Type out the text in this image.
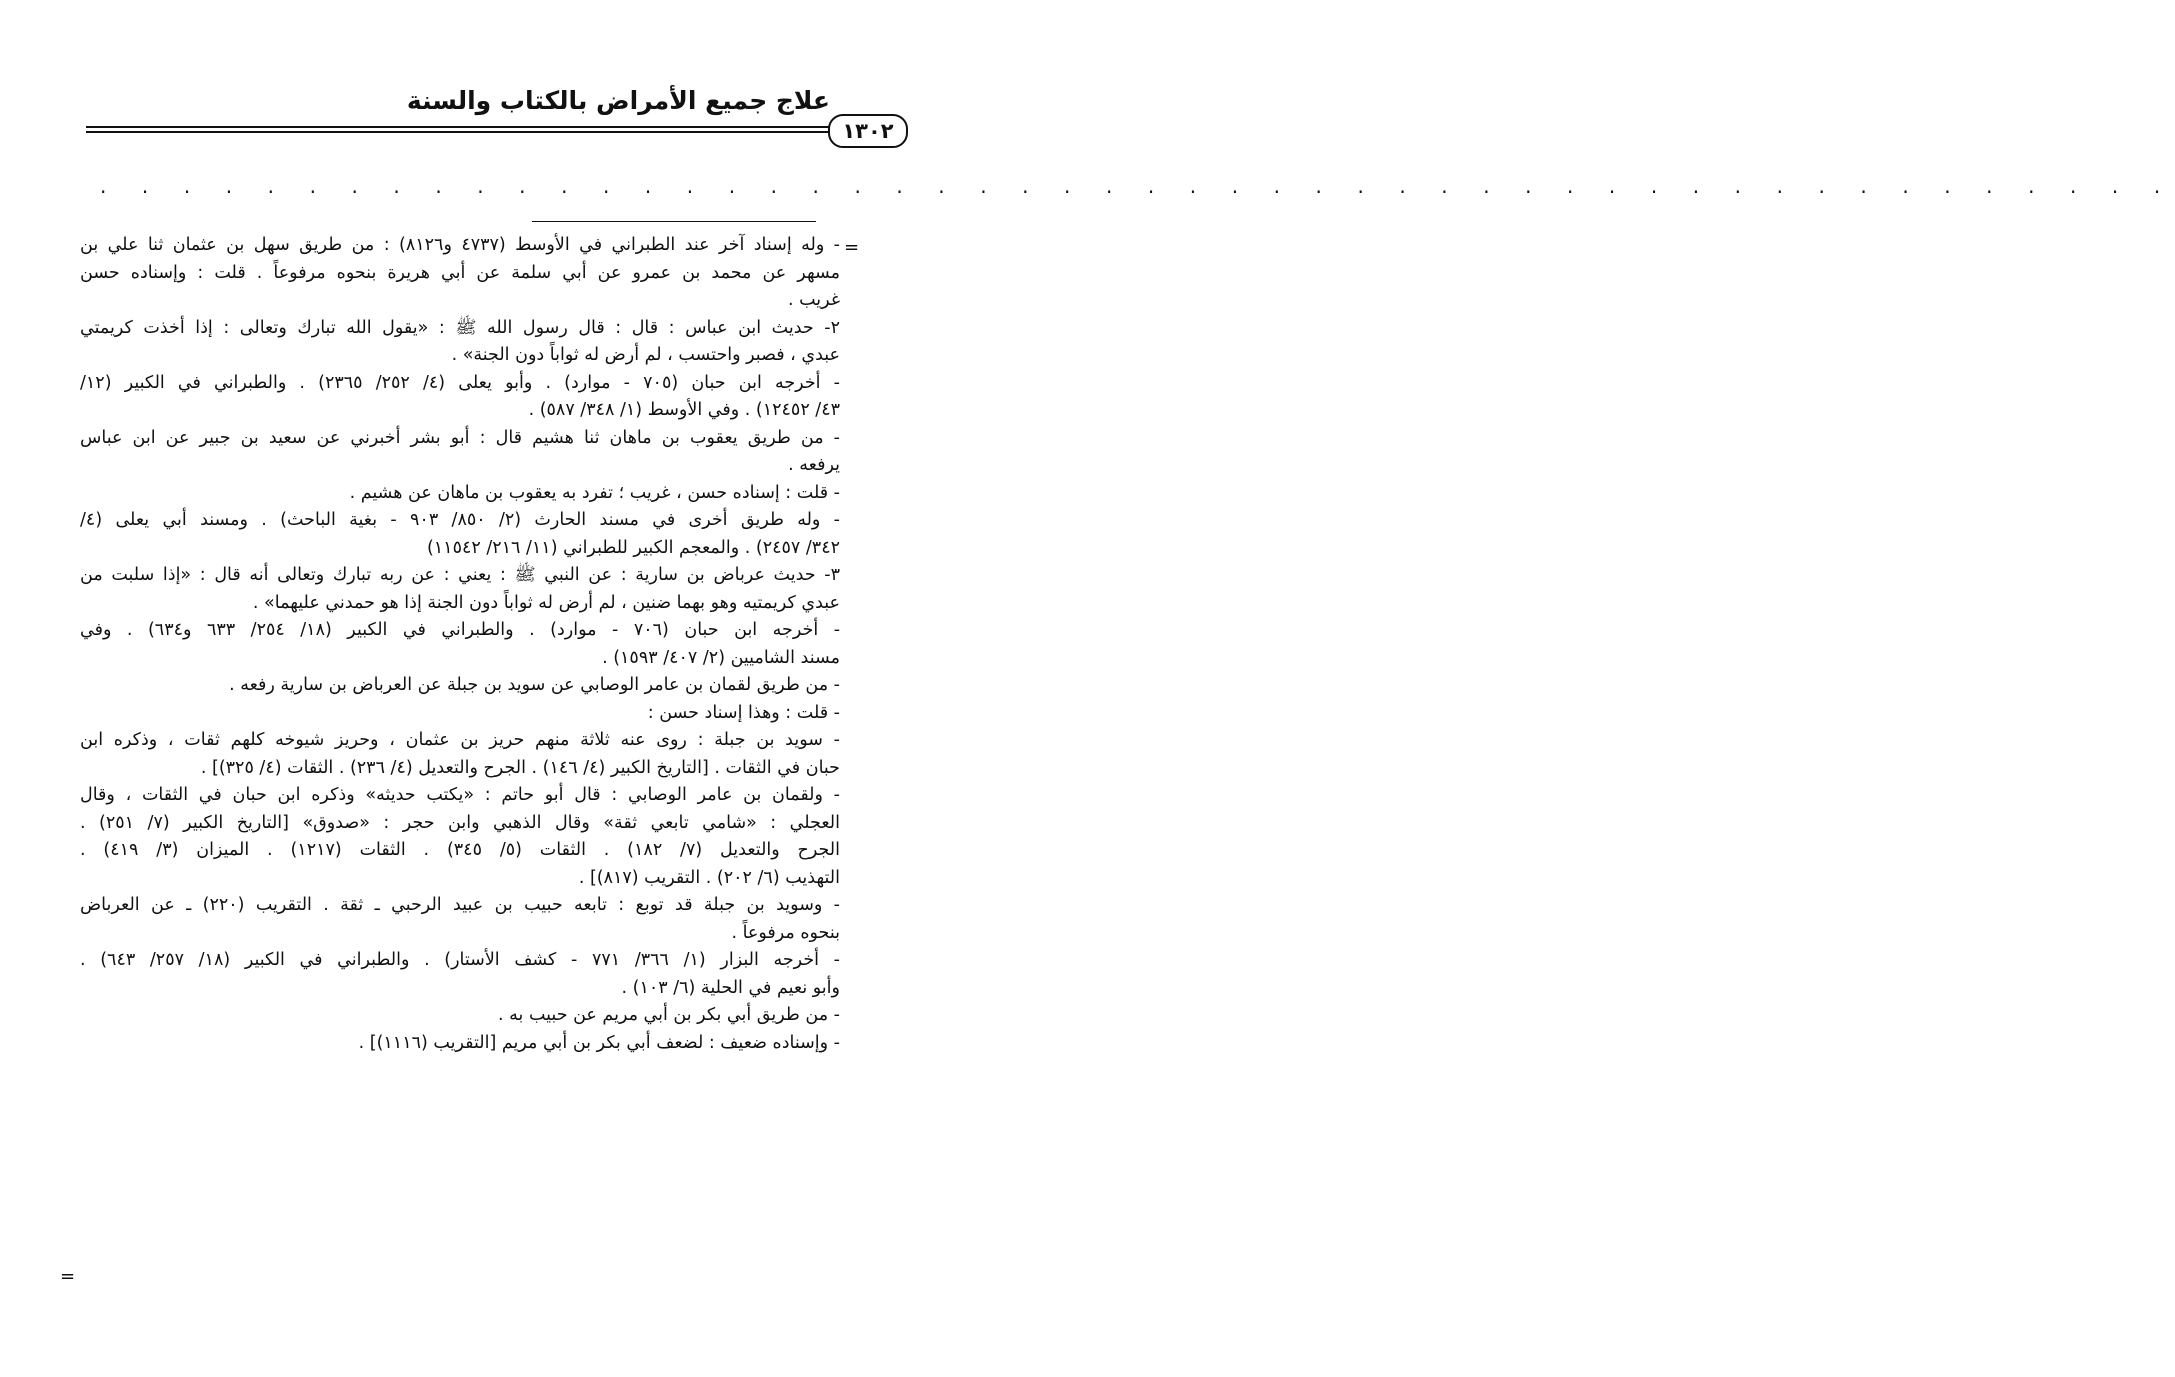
علاج جميع الأمراض بالكتاب والسنة
١٣٠٢
. . . . . . . . . . . . . . . . . . . . . . . . . . . . . . . . . . . . . . . . . . . . . . . . . .
=
- وله إسناد آخر عند الطبراني في الأوسط (٤٧٣٧ و٨١٢٦) : من طريق سهل بن عثمان ثنا علي بن
مسهر عن محمد بن عمرو عن أبي سلمة عن أبي هريرة بنحوه مرفوعاً . قلت : وإسناده حسن
غريب .
٢- حديث ابن عباس : قال : قال رسول الله ﷺ : «يقول الله تبارك وتعالى : إذا أخذت كريمتي
عبدي ، فصبر واحتسب ، لم أرض له ثواباً دون الجنة» .
- أخرجه ابن حبان (٧٠٥ - موارد) . وأبو يعلى (٤/ ٢٥٢/ ٢٣٦٥) . والطبراني في الكبير (١٢/
٤٣/ ١٢٤٥٢) . وفي الأوسط (١/ ٣٤٨/ ٥٨٧) .
- من طريق يعقوب بن ماهان ثنا هشيم قال : أبو بشر أخبرني عن سعيد بن جبير عن ابن عباس
يرفعه .
- قلت : إسناده حسن ، غريب ؛ تفرد به يعقوب بن ماهان عن هشيم .
- وله طريق أخرى في مسند الحارث (٢/ ٨٥٠/ ٩٠٣ - بغية الباحث) . ومسند أبي يعلى (٤/
٣٤٢/ ٢٤٥٧) . والمعجم الكبير للطبراني (١١/ ٢١٦/ ١١٥٤٢)
٣- حديث عرباض بن سارية : عن النبي ﷺ : يعني : عن ربه تبارك وتعالى أنه قال : «إذا سلبت من
عبدي كريمتيه وهو بهما ضنين ، لم أرض له ثواباً دون الجنة إذا هو حمدني عليهما» .
- أخرجه ابن حبان (٧٠٦ - موارد) . والطبراني في الكبير (١٨/ ٢٥٤/ ٦٣٣ و٦٣٤) . وفي
مسند الشاميين (٢/ ٤٠٧/ ١٥٩٣) .
- من طريق لقمان بن عامر الوصابي عن سويد بن جبلة عن العرباض بن سارية رفعه .
- قلت : وهذا إسناد حسن :
- سويد بن جبلة : روى عنه ثلاثة منهم حريز بن عثمان ، وحريز شيوخه كلهم ثقات ، وذكره ابن
حبان في الثقات . [التاريخ الكبير (٤/ ١٤٦) . الجرح والتعديل (٤/ ٢٣٦) . الثقات (٤/ ٣٢٥)] .
- ولقمان بن عامر الوصابي : قال أبو حاتم : «يكتب حديثه» وذكره ابن حبان في الثقات ، وقال
العجلي : «شامي تابعي ثقة» وقال الذهبي وابن حجر : «صدوق» [التاريخ الكبير (٧/ ٢٥١) .
الجرح والتعديل (٧/ ١٨٢) . الثقات (٥/ ٣٤٥) . الثقات (١٢١٧) . الميزان (٣/ ٤١٩) .
التهذيب (٦/ ٢٠٢) . التقريب (٨١٧)] .
- وسويد بن جبلة قد توبع : تابعه حبيب بن عبيد الرحبي ـ ثقة . التقريب (٢٢٠) ـ عن العرباض
بنحوه مرفوعاً .
- أخرجه البزار (١/ ٣٦٦/ ٧٧١ - كشف الأستار) . والطبراني في الكبير (١٨/ ٢٥٧/ ٦٤٣) .
وأبو نعيم في الحلية (٦/ ١٠٣) .
- من طريق أبي بكر بن أبي مريم عن حبيب به .
- وإسناده ضعيف : لضعف أبي بكر بن أبي مريم [التقريب (١١١٦)] .
=
